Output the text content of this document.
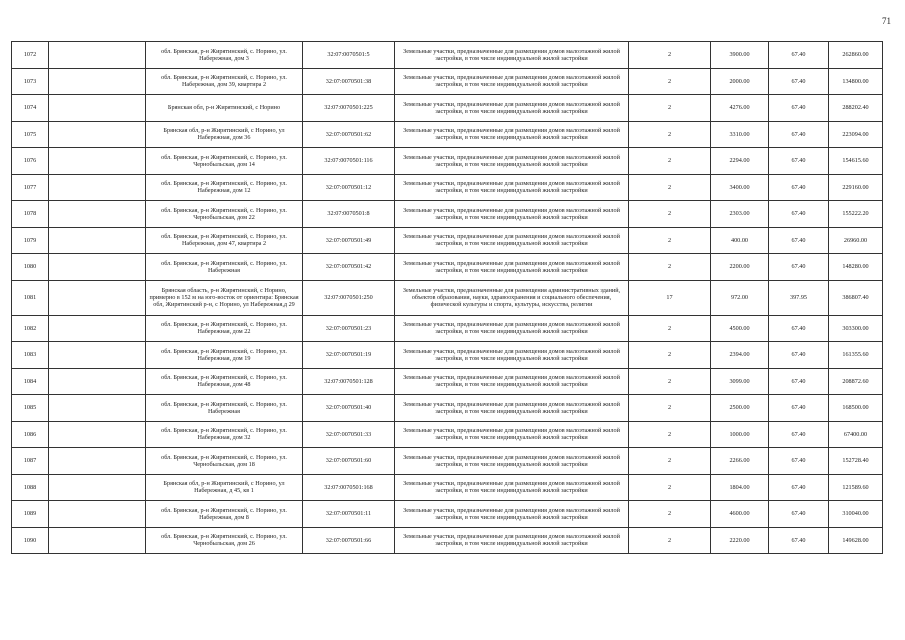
71
1072		обл. Брянская, р-н Жирятинский, с. Норино, ул. Набережная, дом 3	32:07:0070501:5	Земельные участки, предназначенные для размещения домов малоэтажной жилой застройки, в том числе индивидуальной жилой застройки	2	3900.00	67.40	262860.00
1073		обл. Брянская, р-н Жирятинский, с. Норино, ул. Набережная, дом 39, квартира 2	32:07:0070501:38	Земельные участки, предназначенные для размещения домов малоэтажной жилой застройки, в том числе индивидуальной жилой застройки	2	2000.00	67.40	134800.00
1074		Брянская обл, р-н Жирятинский, с Норино	32:07:0070501:225	Земельные участки, предназначенные для размещения домов малоэтажной жилой застройки, в том числе индивидуальной жилой застройки	2	4276.00	67.40	288202.40
1075		Брянская обл, р-н Жирятинский, с Норино, ул Набережная, дом 36	32:07:0070501:62	Земельные участки, предназначенные для размещения домов малоэтажной жилой застройки, в том числе индивидуальной жилой застройки	2	3310.00	67.40	223094.00
1076		обл. Брянская, р-н Жирятинский, с. Норино, ул. Чернобыльская, дом 14	32:07:0070501:116	Земельные участки, предназначенные для размещения домов малоэтажной жилой застройки, в том числе индивидуальной жилой застройки	2	2294.00	67.40	154615.60
1077		обл. Брянская, р-н Жирятинский, с. Норино, ул. Набережная, дом 12	32:07:0070501:12	Земельные участки, предназначенные для размещения домов малоэтажной жилой застройки, в том числе индивидуальной жилой застройки	2	3400.00	67.40	229160.00
1078		обл. Брянская, р-н Жирятинский, с. Норино, ул. Чернобыльская, дом 22	32:07:0070501:8	Земельные участки, предназначенные для размещения домов малоэтажной жилой застройки, в том числе индивидуальной жилой застройки	2	2303.00	67.40	155222.20
1079		обл. Брянская, р-н Жирятинский, с. Норино, ул. Набережная, дом 47, квартира 2	32:07:0070501:49	Земельные участки, предназначенные для размещения домов малоэтажной жилой застройки, в том числе индивидуальной жилой застройки	2	400.00	67.40	26960.00
1080		обл. Брянская, р-н Жирятинский, с. Норино, ул. Набережная	32:07:0070501:42	Земельные участки, предназначенные для размещения домов малоэтажной жилой застройки, в том числе индивидуальной жилой застройки	2	2200.00	67.40	148280.00
1081		Брянская область, р-н Жирятинский, с Норино, примерно в 152 м на юго-восток от ориентира: Брянская обл, Жирятинский р-н, с Норино, ул Набережная,д 29	32:07:0070501:250	Земельные участки, предназначенные для размещения административных зданий, объектов образования, науки, здравоохранения и социального обеспечения, физической культуры и спорта, культуры, искусства, религии	17	972.00	397.95	386807.40
1082		обл. Брянская, р-н Жирятинский, с. Норино, ул. Набережная, дом 22	32:07:0070501:23	Земельные участки, предназначенные для размещения домов малоэтажной жилой застройки, в том числе индивидуальной жилой застройки	2	4500.00	67.40	303300.00
1083		обл. Брянская, р-н Жирятинский, с. Норино, ул. Набережная, дом 19	32:07:0070501:19	Земельные участки, предназначенные для размещения домов малоэтажной жилой застройки, в том числе индивидуальной жилой застройки	2	2394.00	67.40	161355.60
1084		обл. Брянская, р-н Жирятинский, с. Норино, ул. Набережная, дом 48	32:07:0070501:128	Земельные участки, предназначенные для размещения домов малоэтажной жилой застройки, в том числе индивидуальной жилой застройки	2	3099.00	67.40	208872.60
1085		обл. Брянская, р-н Жирятинский, с. Норино, ул. Набережная	32:07:0070501:40	Земельные участки, предназначенные для размещения домов малоэтажной жилой застройки, в том числе индивидуальной жилой застройки	2	2500.00	67.40	168500.00
1086		обл. Брянская, р-н Жирятинский, с. Норино, ул. Набережная, дом 32	32:07:0070501:33	Земельные участки, предназначенные для размещения домов малоэтажной жилой застройки, в том числе индивидуальной жилой застройки	2	1000.00	67.40	67400.00
1087		обл. Брянская, р-н Жирятинский, с. Норино, ул. Чернобыльская, дом 18	32:07:0070501:60	Земельные участки, предназначенные для размещения домов малоэтажной жилой застройки, в том числе индивидуальной жилой застройки	2	2266.00	67.40	152728.40
1088		Брянская обл, р-н Жирятинский, с Норино, ул Набережная, д 45, кв 1	32:07:0070501:168	Земельные участки, предназначенные для размещения домов малоэтажной жилой застройки, в том числе индивидуальной жилой застройки	2	1804.00	67.40	121589.60
1089		обл. Брянская, р-н Жирятинский, с. Норино, ул. Набережная, дом 8	32:07:0070501:11	Земельные участки, предназначенные для размещения домов малоэтажной жилой застройки, в том числе индивидуальной жилой застройки	2	4600.00	67.40	310040.00
1090		обл. Брянская, р-н Жирятинский, с. Норино, ул. Чернобыльская, дом 26	32:07:0070501:66	Земельные участки, предназначенные для размещения домов малоэтажной жилой застройки, в том числе индивидуальной жилой застройки	2	2220.00	67.40	149628.00
